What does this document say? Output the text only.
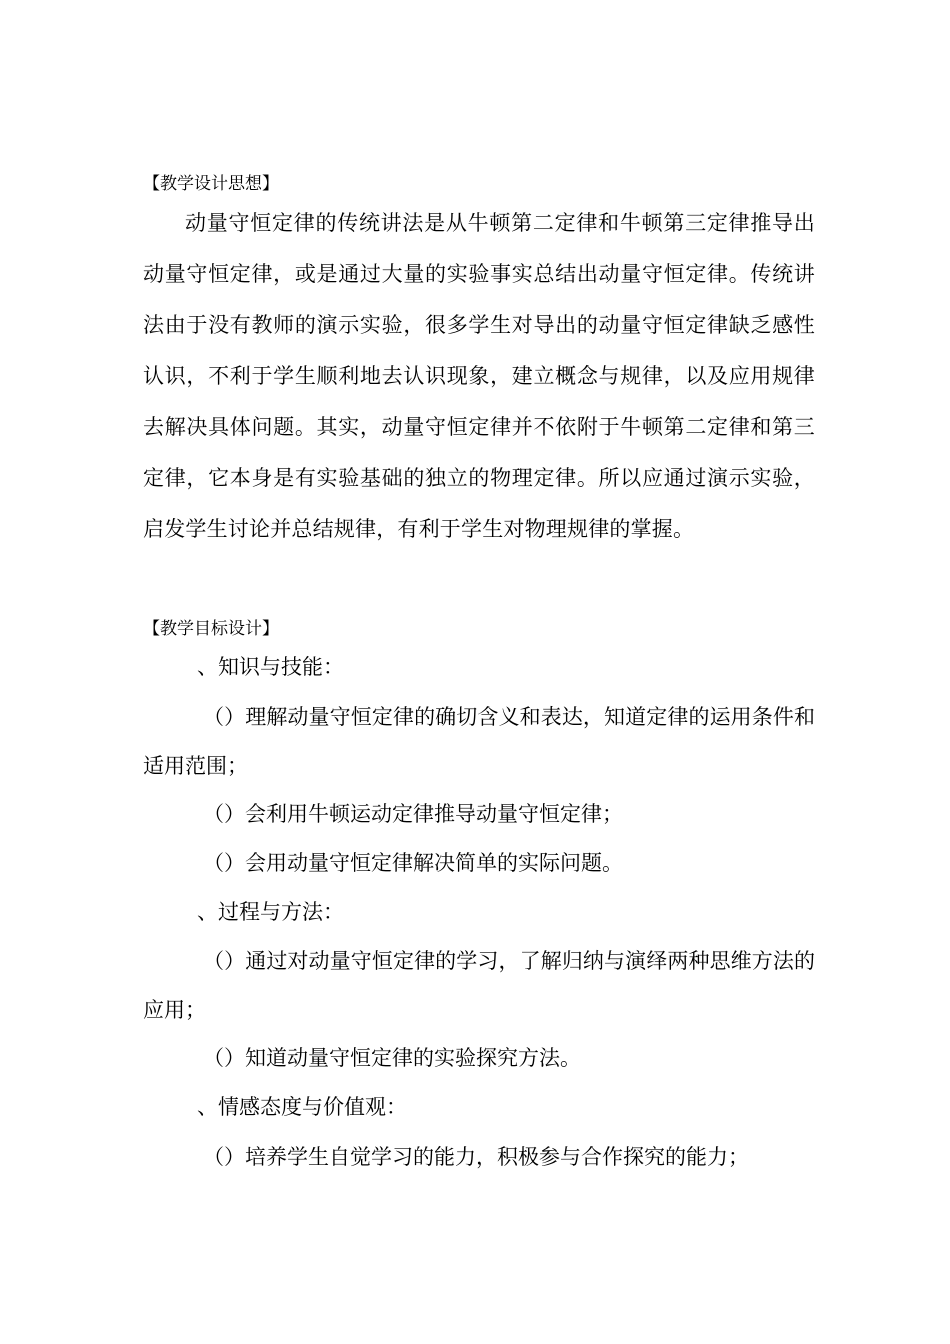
【教学设计思想】
动量守恒定律的传统讲法是从牛顿第二定律和牛顿第三定律推导出动量守恒定律，或是通过大量的实验事实总结出动量守恒定律。传统讲法由于没有教师的演示实验，很多学生对导出的动量守恒定律缺乏感性认识，不利于学生顺利地去认识现象，建立概念与规律，以及应用规律去解决具体问题。其实，动量守恒定律并不依附于牛顿第二定律和第三定律，它本身是有实验基础的独立的物理定律。所以应通过演示实验，启发学生讨论并总结规律，有利于学生对物理规律的掌握。
【教学目标设计】
、知识与技能：
（）理解动量守恒定律的确切含义和表达，知道定律的运用条件和适用范围；
（）会利用牛顿运动定律推导动量守恒定律；
（）会用动量守恒定律解决简单的实际问题。
、过程与方法：
（）通过对动量守恒定律的学习，了解归纳与演绎两种思维方法的应用；
（）知道动量守恒定律的实验探究方法。
、情感态度与价值观：
（）培养学生自觉学习的能力，积极参与合作探究的能力；
